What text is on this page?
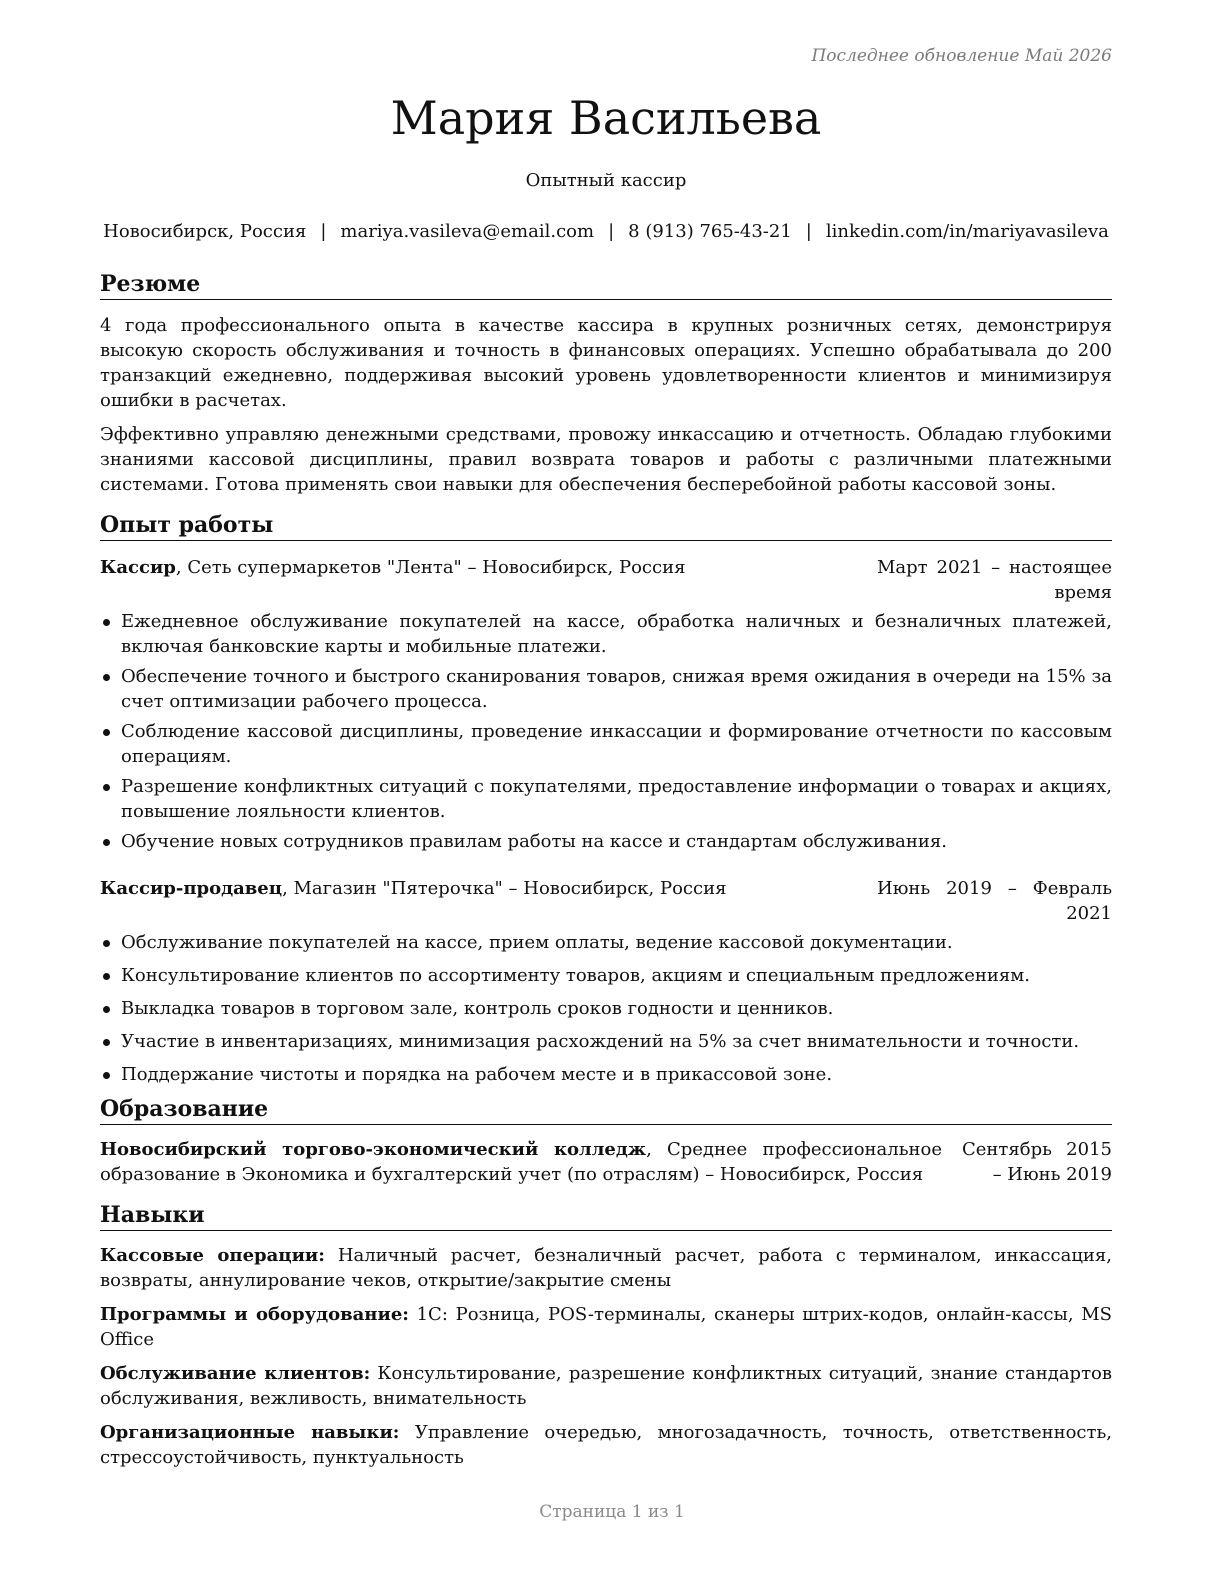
Последнее обновление Май 2026
Мария Васильева
Опытный кассир
Новосибирск, Россия | mariya.vasileva@email.com | 8 (913) 765-43-21 | linkedin.com/in/mariyavasileva
Резюме

4 года профессионального опыта в качестве кассира в крупных розничных сетях, демонстрируя высокую скорость обслуживания и точность в финансовых операциях. Успешно обрабатывала до 200 транзакций ежедневно, поддерживая высокий уровень удовлетворенности клиентов и минимизируя ошибки в расчетах.

Эффективно управляю денежными средствами, провожу инкассацию и отчетность. Обладаю глубокими знаниями кассовой дисциплины, правил возврата товаров и работы с различными платежными системами. Готова применять свои навыки для обеспечения бесперебойной работы кассовой зоны.

Опыт работы
Кассир, Сеть супермаркетов "Лента" – Новосибирск, Россия	Март 2021 – настоящее время
Ежедневное обслуживание покупателей на кассе, обработка наличных и безналичных платежей, включая банковские карты и мобильные платежи.
Обеспечение точного и быстрого сканирования товаров, снижая время ожидания в очереди на 15% за счет оптимизации рабочего процесса.
Соблюдение кассовой дисциплины, проведение инкассации и формирование отчетности по кассовым операциям.
Разрешение конфликтных ситуаций с покупателями, предоставление информации о товарах и акциях, повышение лояльности клиентов.
Обучение новых сотрудников правилам работы на кассе и стандартам обслуживания.
Кассир-продавец, Магазин "Пятерочка" – Новосибирск, Россия	Июнь 2019 – Февраль 2021
Обслуживание покупателей на кассе, прием оплаты, ведение кассовой документации.
Консультирование клиентов по ассортименту товаров, акциям и специальным предложениям.
Выкладка товаров в торговом зале, контроль сроков годности и ценников.
Участие в инвентаризациях, минимизация расхождений на 5% за счет внимательности и точности.
Поддержание чистоты и порядка на рабочем месте и в прикассовой зоне.
Образование
Новосибирский торгово-экономический колледж, Среднее профессиональное образование в Экономика и бухгалтерский учет (по отраслям) – Новосибирск, Россия
Сентябрь 2015 – Июнь 2019
Навыки

Кассовые операции: Наличный расчет, безналичный расчет, работа с терминалом, инкассация, возвраты, аннулирование чеков, открытие/закрытие смены

Программы и оборудование: 1С: Розница, POS-терминалы, сканеры штрих-кодов, онлайн-кассы, MS Office

Обслуживание клиентов: Консультирование, разрешение конфликтных ситуаций, знание стандартов обслуживания, вежливость, внимательность

Организационные навыки: Управление очередью, многозадачность, точность, ответственность, стрессоустойчивость, пунктуальность

Страница 1 из 1
